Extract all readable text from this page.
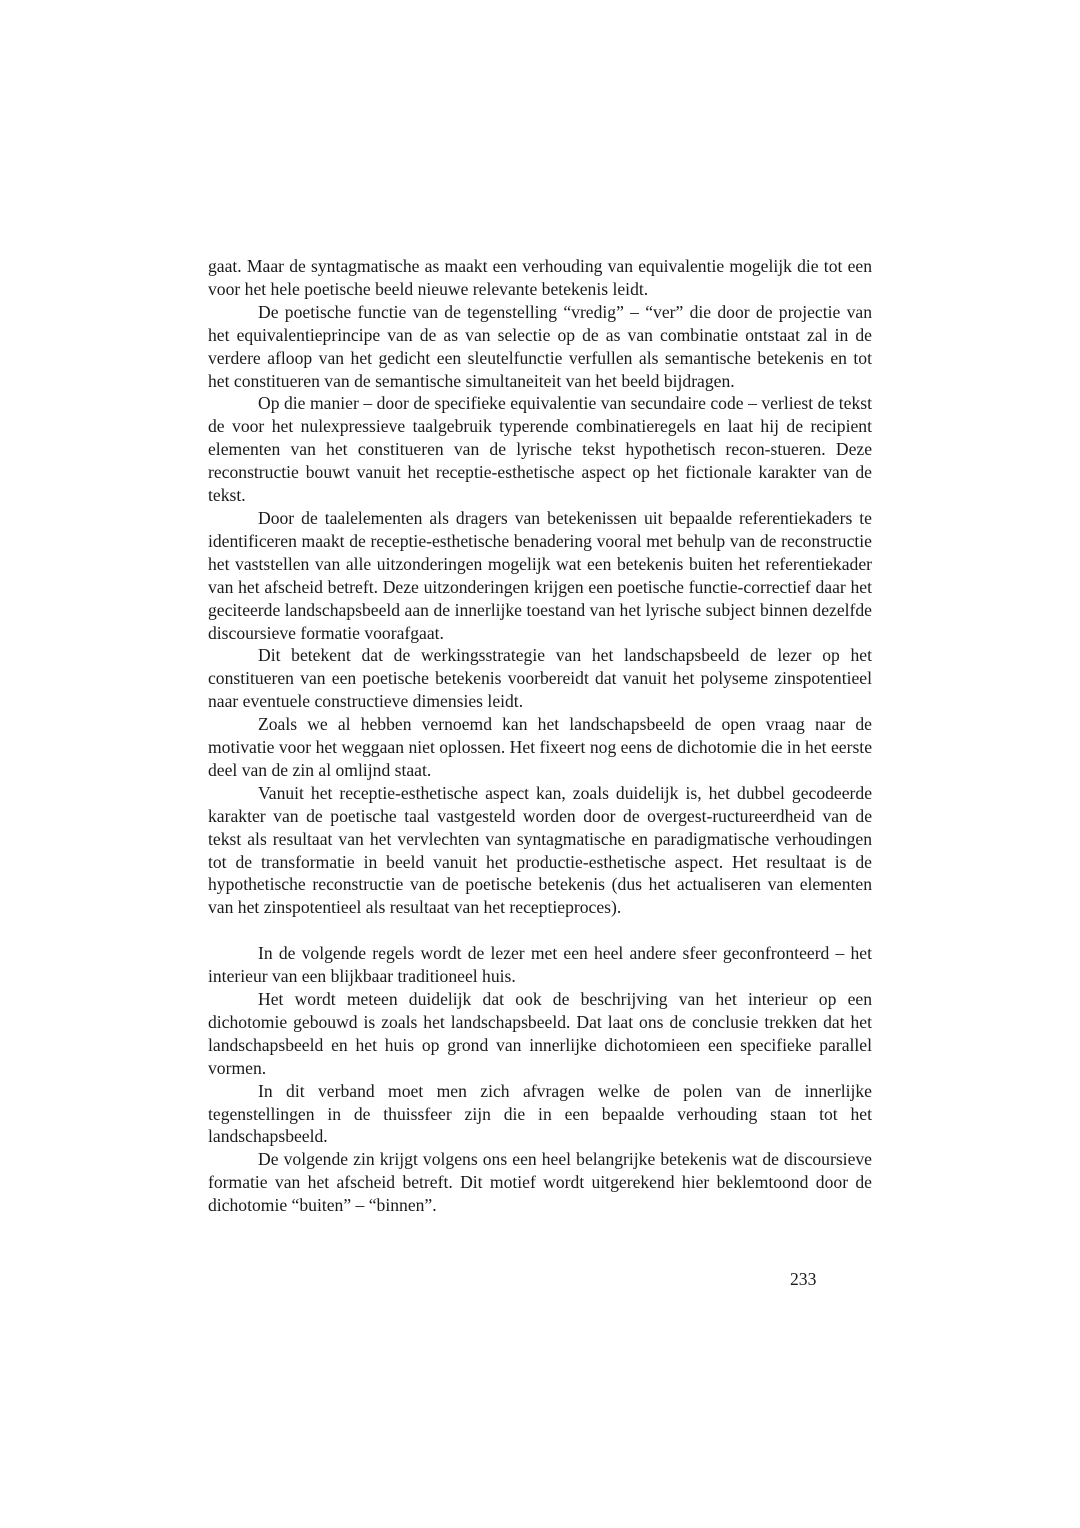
gaat. Maar de syntagmatische as maakt een verhouding van equivalentie mogelijk die tot een voor het hele poetische beeld nieuwe relevante betekenis leidt.

De poetische functie van de tegenstelling “vredig” – “ver” die door de projectie van het equivalentieprincipe van de as van selectie op de as van combinatie ontstaat zal in de verdere afloop van het gedicht een sleutelfunctie verfullen als semantische betekenis en tot het constitueren van de semantische simultaneiteit van het beeld bijdragen.

Op die manier – door de specifieke equivalentie van secundaire code – verliest de tekst de voor het nulexpressieve taalgebruik typerende combinatieregels en laat hij de recipient elementen van het constitueren van de lyrische tekst hypothetisch recon-stueren. Deze reconstructie bouwt vanuit het receptie-esthetische aspect op het fictionale karakter van de tekst.

Door de taalelementen als dragers van betekenissen uit bepaalde referentiekaders te identificeren maakt de receptie-esthetische benadering vooral met behulp van de reconstructie het vaststellen van alle uitzonderingen mogelijk wat een betekenis buiten het referentiekader van het afscheid betreft. Deze uitzonderingen krijgen een poetische functie-correctief daar het geciteerde landschapsbeeld aan de innerlijke toestand van het lyrische subject binnen dezelfde discoursieve formatie voorafgaat.

Dit betekent dat de werkingsstrategie van het landschapsbeeld de lezer op het constitueren van een poetische betekenis voorbereidt dat vanuit het polyseme zinspotentieel naar eventuele constructieve dimensies leidt.

Zoals we al hebben vernoemd kan het landschapsbeeld de open vraag naar de motivatie voor het weggaan niet oplossen. Het fixeert nog eens de dichotomie die in het eerste deel van de zin al omlijnd staat.

Vanuit het receptie-esthetische aspect kan, zoals duidelijk is, het dubbel gecodeerde karakter van de poetische taal vastgesteld worden door de overgest-ructureerdheid van de tekst als resultaat van het vervlechten van syntagmatische en paradigmatische verhoudingen tot de transformatie in beeld vanuit het productie-esthetische aspect. Het resultaat is de hypothetische reconstructie van de poetische betekenis (dus het actualiseren van elementen van het zinspotentieel als resultaat van het receptieproces).

In de volgende regels wordt de lezer met een heel andere sfeer geconfronteerd – het interieur van een blijkbaar traditioneel huis.

Het wordt meteen duidelijk dat ook de beschrijving van het interieur op een dichotomie gebouwd is zoals het landschapsbeeld. Dat laat ons de conclusie trekken dat het landschapsbeeld en het huis op grond van innerlijke dichotomieen een specifieke parallel vormen.

In dit verband moet men zich afvragen welke de polen van de innerlijke tegenstellingen in de thuissfeer zijn die in een bepaalde verhouding staan tot het landschapsbeeld.

De volgende zin krijgt volgens ons een heel belangrijke betekenis wat de discoursieve formatie van het afscheid betreft. Dit motief wordt uitgerekend hier beklemtoond door de dichotomie “buiten” – “binnen”.

233
